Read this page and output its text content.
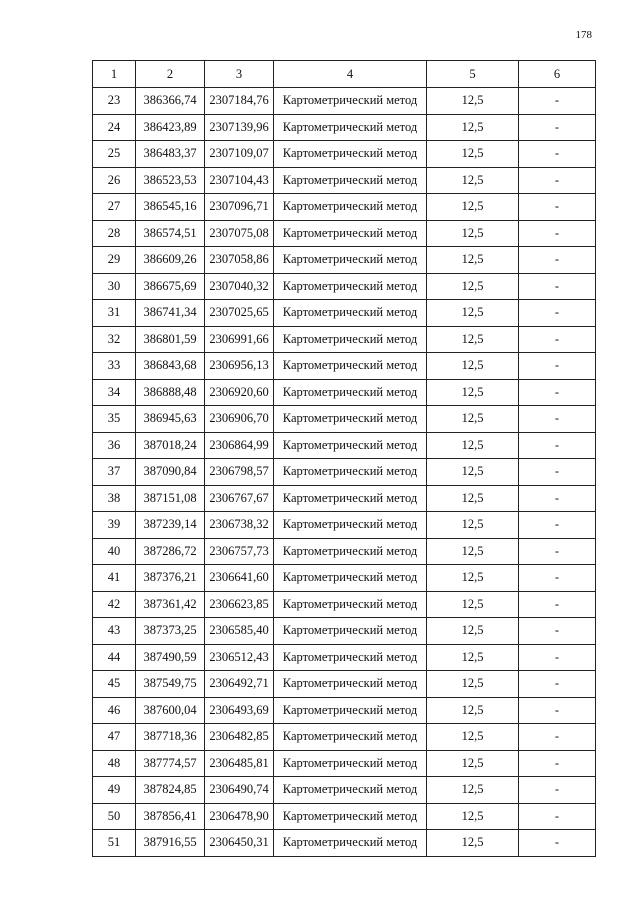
178
1	2	3	4	5	6
23	386366,74	2307184,76	Картометрический метод	12,5	-
24	386423,89	2307139,96	Картометрический метод	12,5	-
25	386483,37	2307109,07	Картометрический метод	12,5	-
26	386523,53	2307104,43	Картометрический метод	12,5	-
27	386545,16	2307096,71	Картометрический метод	12,5	-
28	386574,51	2307075,08	Картометрический метод	12,5	-
29	386609,26	2307058,86	Картометрический метод	12,5	-
30	386675,69	2307040,32	Картометрический метод	12,5	-
31	386741,34	2307025,65	Картометрический метод	12,5	-
32	386801,59	2306991,66	Картометрический метод	12,5	-
33	386843,68	2306956,13	Картометрический метод	12,5	-
34	386888,48	2306920,60	Картометрический метод	12,5	-
35	386945,63	2306906,70	Картометрический метод	12,5	-
36	387018,24	2306864,99	Картометрический метод	12,5	-
37	387090,84	2306798,57	Картометрический метод	12,5	-
38	387151,08	2306767,67	Картометрический метод	12,5	-
39	387239,14	2306738,32	Картометрический метод	12,5	-
40	387286,72	2306757,73	Картометрический метод	12,5	-
41	387376,21	2306641,60	Картометрический метод	12,5	-
42	387361,42	2306623,85	Картометрический метод	12,5	-
43	387373,25	2306585,40	Картометрический метод	12,5	-
44	387490,59	2306512,43	Картометрический метод	12,5	-
45	387549,75	2306492,71	Картометрический метод	12,5	-
46	387600,04	2306493,69	Картометрический метод	12,5	-
47	387718,36	2306482,85	Картометрический метод	12,5	-
48	387774,57	2306485,81	Картометрический метод	12,5	-
49	387824,85	2306490,74	Картометрический метод	12,5	-
50	387856,41	2306478,90	Картометрический метод	12,5	-
51	387916,55	2306450,31	Картометрический метод	12,5	-
